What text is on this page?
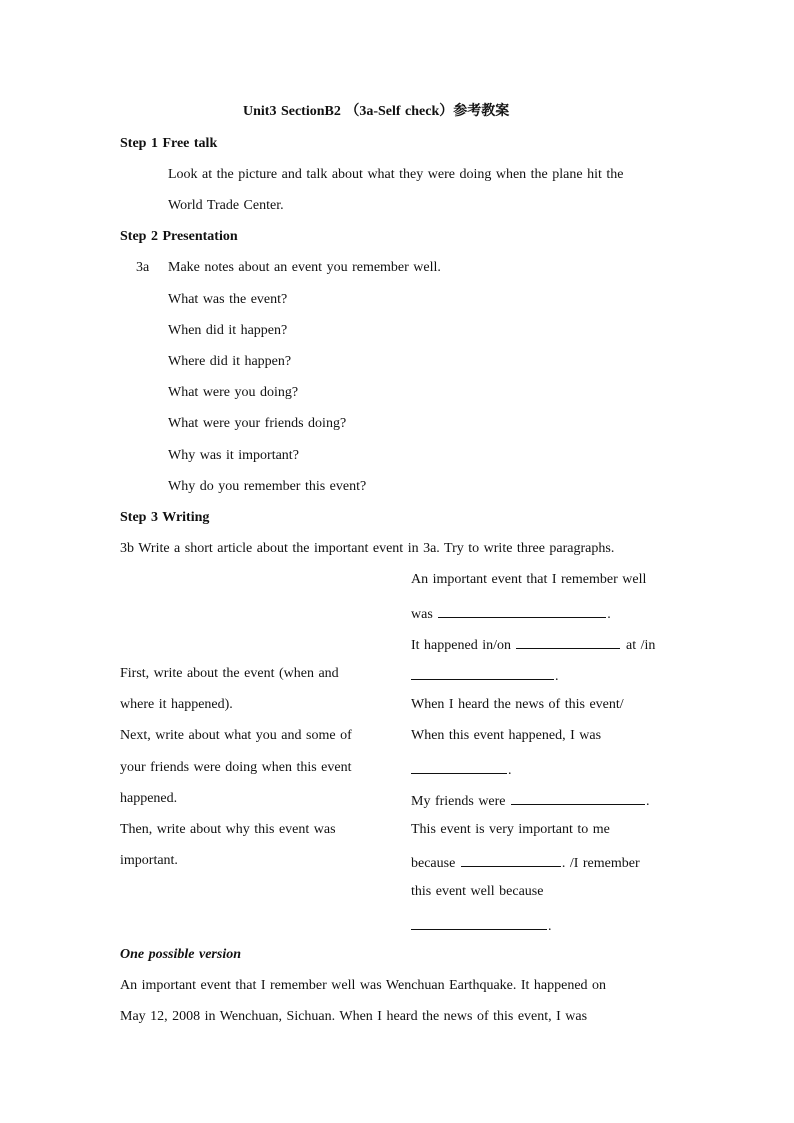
Unit3 SectionB2 （3a-Self check）参考教案
Step 1 Free talk
Look at the picture and talk about what they were doing when the plane hit the
World Trade Center.
Step 2 Presentation
3a Make notes about an event you remember well.
What was the event?
When did it happen?
Where did it happen?
What were you doing?
What were your friends doing?
Why was it important?
Why do you remember this event?
Step 3 Writing
3b Write a short article about the important event in 3a. Try to write three paragraphs.
An important event that I remember well
was	.
It happened in/on	at /in
.
When I heard the news of this event/
When this event happened, I was
.
My friends were	.
This event is very important to me
because	. /I remember
this event well because
.
First, write about the event (when and
where it happened).
Next, write about what you and some of
your friends were doing when this event
happened.
Then, write about why this event was
important.
One possible version
An important event that I remember well was Wenchuan Earthquake. It happened on
May 12, 2008 in Wenchuan, Sichuan. When I heard the news of this event, I was
